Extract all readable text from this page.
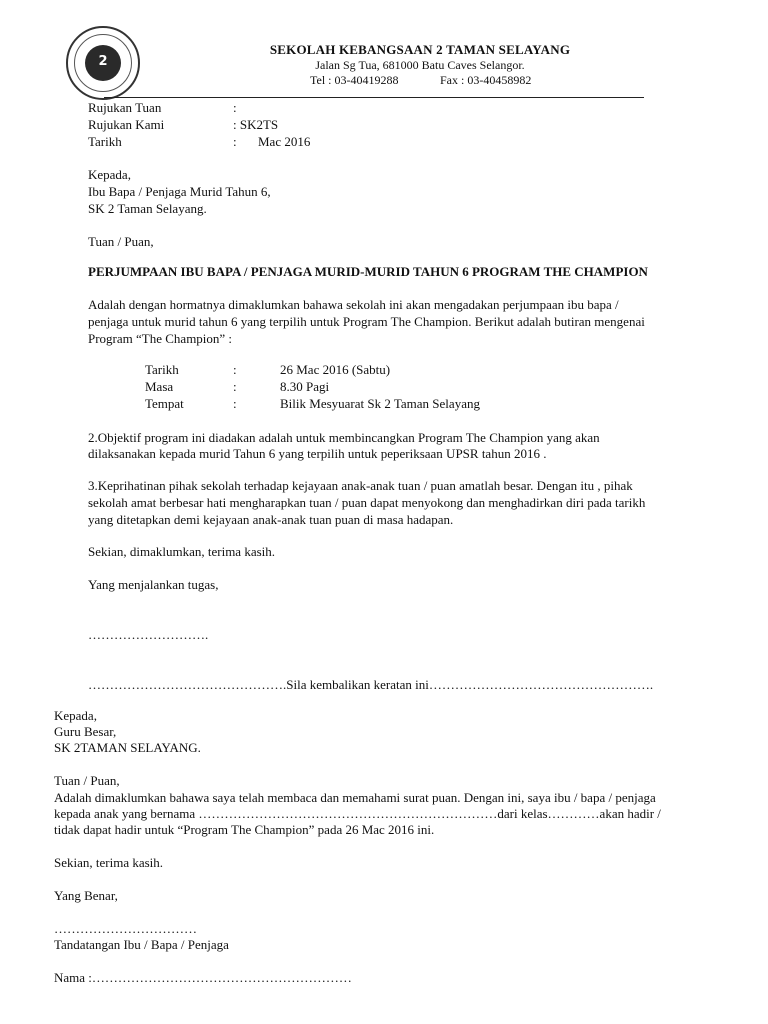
2
SEKOLAH KEBANGSAAN 2 TAMAN SELAYANG
Jalan Sg Tua, 681000 Batu Caves Selangor.
Tel : 03-40419288	Fax : 03-40458982
Rujukan Tuan	:
Rujukan Kami	: SK2TS
Tarikh	: Mac 2016
Kepada,
Ibu Bapa / Penjaga Murid Tahun 6,
SK 2 Taman Selayang.
Tuan / Puan,
PERJUMPAAN IBU BAPA / PENJAGA MURID-MURID TAHUN 6 PROGRAM THE CHAMPION
Adalah dengan hormatnya dimaklumkan bahawa sekolah ini akan mengadakan perjumpaan ibu bapa /
penjaga untuk murid tahun 6 yang terpilih untuk Program The Champion. Berikut adalah butiran mengenai
Program “The Champion” :
Tarikh	:	26 Mac 2016 (Sabtu)
Masa	:	8.30 Pagi
Tempat	:	Bilik Mesyuarat Sk 2 Taman Selayang
2.Objektif program ini diadakan adalah untuk membincangkan Program The Champion yang akan
dilaksanakan kepada murid Tahun 6 yang terpilih untuk peperiksaan UPSR tahun 2016 .
3.Keprihatinan pihak sekolah terhadap kejayaan anak-anak tuan / puan amatlah besar. Dengan itu , pihak
sekolah amat berbesar hati mengharapkan tuan / puan dapat menyokong dan menghadirkan diri pada tarikh
yang ditetapkan demi kejayaan anak-anak tuan puan di masa hadapan.
Sekian, dimaklumkan, terima kasih.
Yang menjalankan tugas,
……………………….
……………………………………….Sila kembalikan keratan ini…………………………………………….
Kepada,
Guru Besar,
SK 2TAMAN SELAYANG.
Tuan / Puan,
Adalah dimaklumkan bahawa saya telah membaca dan memahami surat puan. Dengan ini, saya ibu / bapa / penjaga
kepada anak yang bernama ……………………………………………………………dari kelas…………akan hadir /
tidak dapat hadir untuk “Program The Champion” pada 26 Mac 2016 ini.
Sekian, terima kasih.
Yang Benar,
……………………………
Tandatangan Ibu / Bapa / Penjaga
Nama :……………………………………………………
